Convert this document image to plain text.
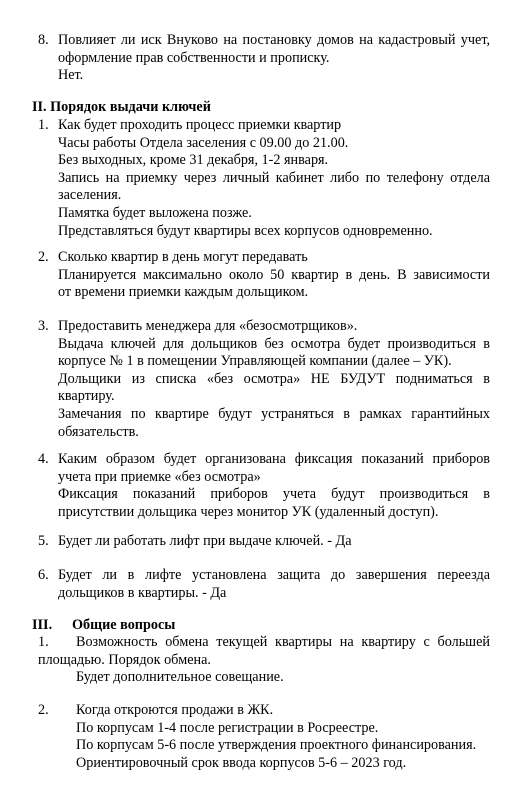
8. Повлияет ли иск Внуково на постановку домов на кадастровый учет,
оформление прав собственности и прописку.
Нет.
II. Порядок выдачи ключей
1. Как будет проходить процесс приемки квартир
Часы работы Отдела заселения с 09.00 до 21.00.
Без выходных, кроме 31 декабря, 1-2 января.
Запись на приемку через личный кабинет либо по телефону отдела
заселения.
Памятка будет выложена позже.
Представляться будут квартиры всех корпусов одновременно.
2. Сколько квартир в день могут передавать
Планируется максимально около 50 квартир в день. В зависимости
от времени приемки каждым дольщиком.
3. Предоставить менеджера для «безосмотрщиков».
Выдача ключей для дольщиков без осмотра будет производиться в
корпусе № 1 в помещении Управляющей компании (далее – УК).
Дольщики из списка «без осмотра» НЕ БУДУТ подниматься в
квартиру.
Замечания по квартире будут устраняться в рамках гарантийных
обязательств.
4. Каким образом будет организована фиксация показаний приборов
учета при приемке «без осмотра»
Фиксация показаний приборов учета будут производиться в
присутствии дольщика через монитор УК (удаленный доступ).
5. Будет ли работать лифт при выдаче ключей. - Да
6. Будет ли в лифте установлена защита до завершения переезда
дольщиков в квартиры. - Да
III. Общие вопросы
1.	Возможность обмена текущей квартиры на квартиру с большей
площадью. Порядок обмена.
Будет дополнительное совещание.
2. Когда откроются продажи в ЖК.
По корпусам 1-4 после регистрации в Росреестре.
По корпусам 5-6 после утверждения проектного финансирования.
Ориентировочный срок ввода корпусов 5-6 – 2023 год.
